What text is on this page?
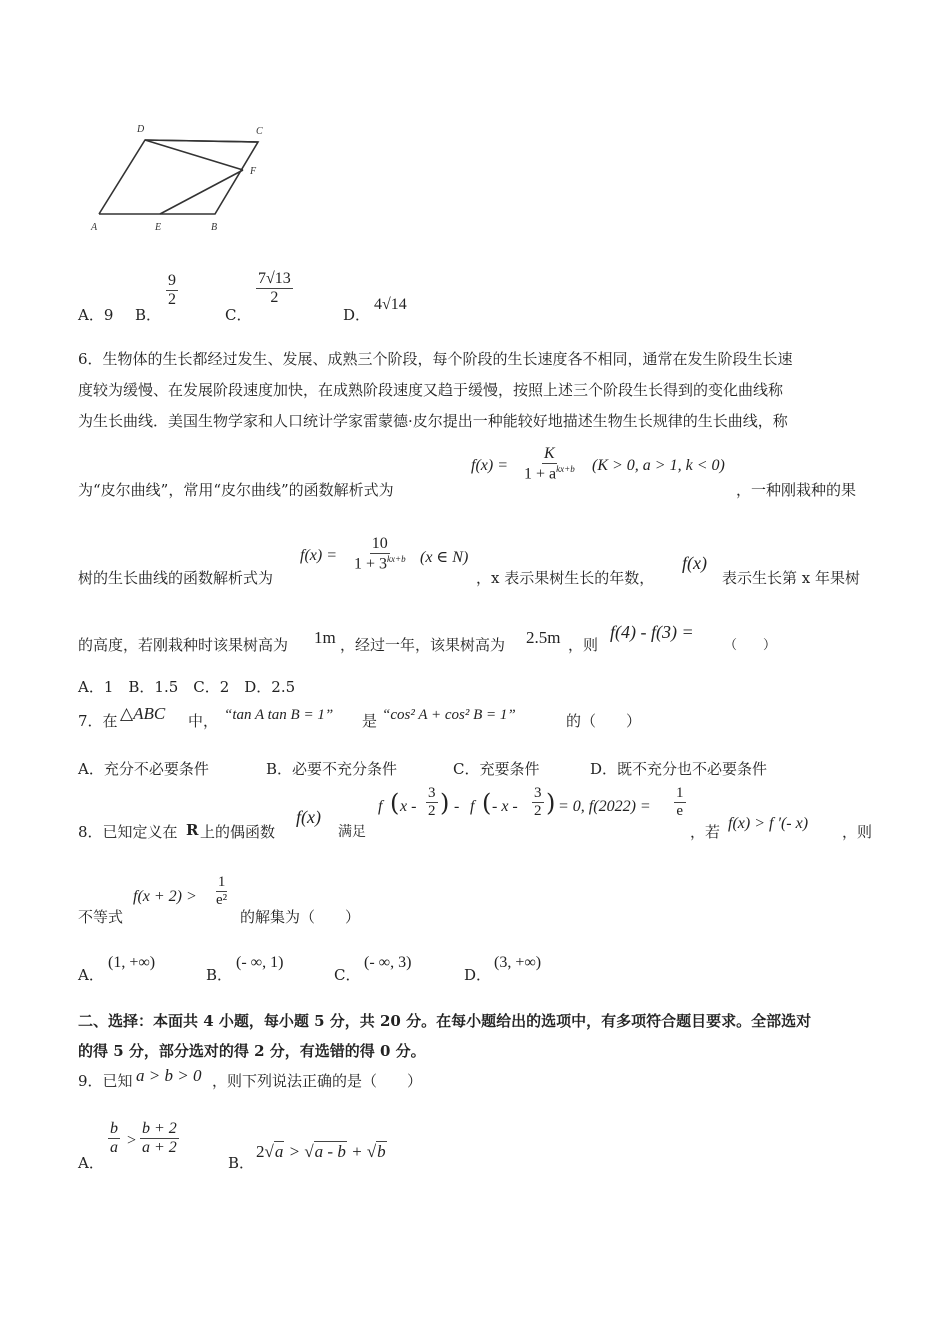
D	C
F
A	E	B
A．9 B．
$\frac{9}{2}$
C．
$\frac{7√13}{2}$
D．
4√14
6．生物体的生长都经过发生、发展、成熟三个阶段，每个阶段的生长速度各不相同，通常在发生阶段生长速
度较为缓慢、在发展阶段速度加快，在成熟阶段速度又趋于缓慢，按照上述三个阶段生长得到的变化曲线称
为生长曲线．美国生物学家和人口统计学家雷蒙德·皮尔提出一种能较好地描述生物生长规律的生长曲线，称
为“皮尔曲线”，常用“皮尔曲线”的函数解析式为
f(x) =
K
$1 + a^{kx+b}$ (K > 0, a > 1, k < 0)
，一种刚栽种的果
树的生长曲线的函数解析式为
$f(x) = \frac{10}{1 + 3^{kx+b}} (x$ ∈ N)
，x 表示果树生长的年数，
f(x)
表示生长第 x 年果树
的高度，若刚栽种时该果树高为 1m ，经过一年，该果树高为 2.5m ，则
f(4) - f(3) =
（　　）
A．1　B．1.5　C．2　D．2.5
7．在 △ABC 中， “tan A tan B = 1” 是 “cos² A + cos² B = 1”	的（　　）
A．充分不必要条件	B．必要不充分条件	C．充要条件	D．既不充分也不必要条件
8．已知定义在 R 上的偶函数
f(x)
满足
f ( x - $\frac{3}{2}$ ) - f ( - x - $\frac{3}{2}$ ) = 0, $f(2022) = \frac{1}{e}$
，若 f(x) > f ′(- x) ，则
不等式
$f(x + 2) > \frac{1}{\text{e²}}$
的解集为（　　）
A．
(1, +∞)
B．
(- ∞, 1)
C．
(- ∞, 3)
D．
(3, +∞)
二、选择：本面共 4 小题，每小题 5 分，共 20 分。在每小题给出的选项中，有多项符合题目要求。全部选对
的得 5 分，部分选对的得 2 分，有选错的得 0 分。
9．已知 a > b > 0 ，则下列说法正确的是（　　）
A．
$\frac{b}{a} > \frac{b + 2}{a + 2}$
B．
2√a > √a - b + √b
